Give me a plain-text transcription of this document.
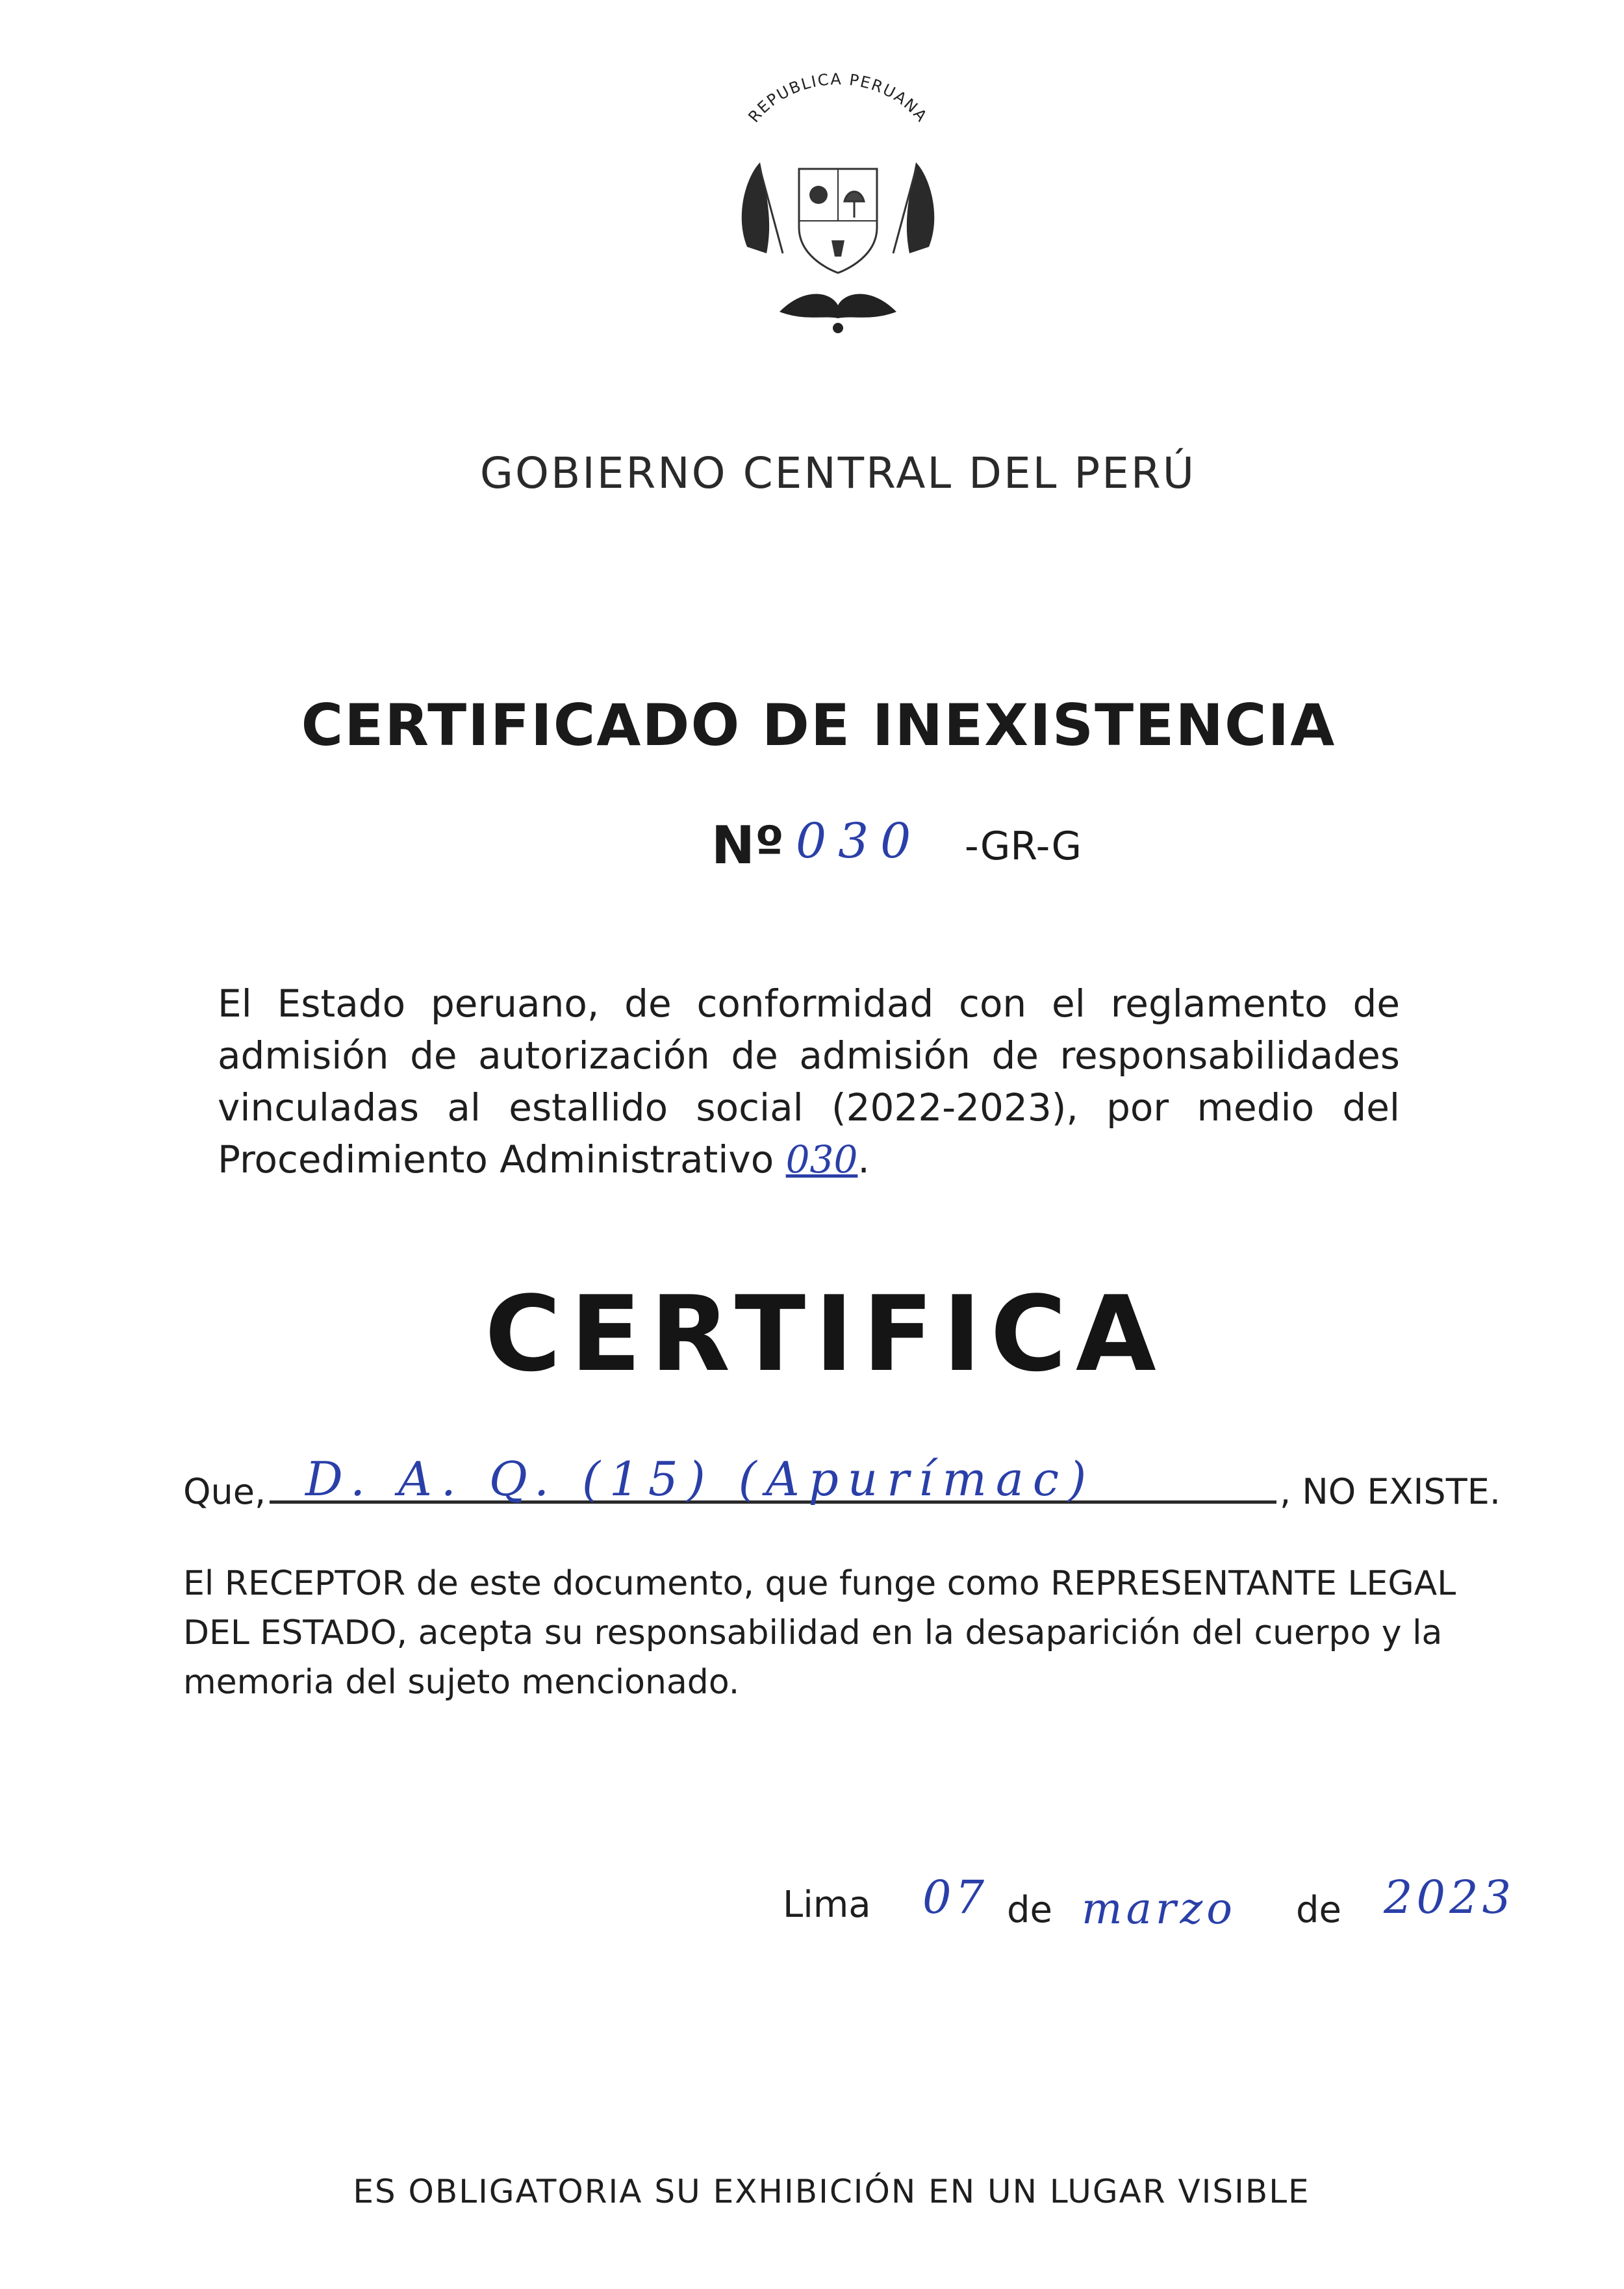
REPUBLICA PERUANA
GOBIERNO CENTRAL DEL PERÚ
CERTIFICADO DE INEXISTENCIA
Nº 030 -GR-G
El Estado peruano, de conformidad con el reglamento de admisión de autorización de admisión de responsabilidades vinculadas al estallido social (2022-2023), por medio del Procedimiento Administrativo 030.
CERTIFICA
Que, D. A. Q. (15) (Apurímac)	, NO EXISTE.
El RECEPTOR de este documento, que funge como REPRESENTANTE LEGAL DEL ESTADO, acepta su responsabilidad en la desaparición del cuerpo y la memoria del sujeto mencionado.
Lima 07 de marzo de 2023
ES OBLIGATORIA SU EXHIBICIÓN EN UN LUGAR VISIBLE
